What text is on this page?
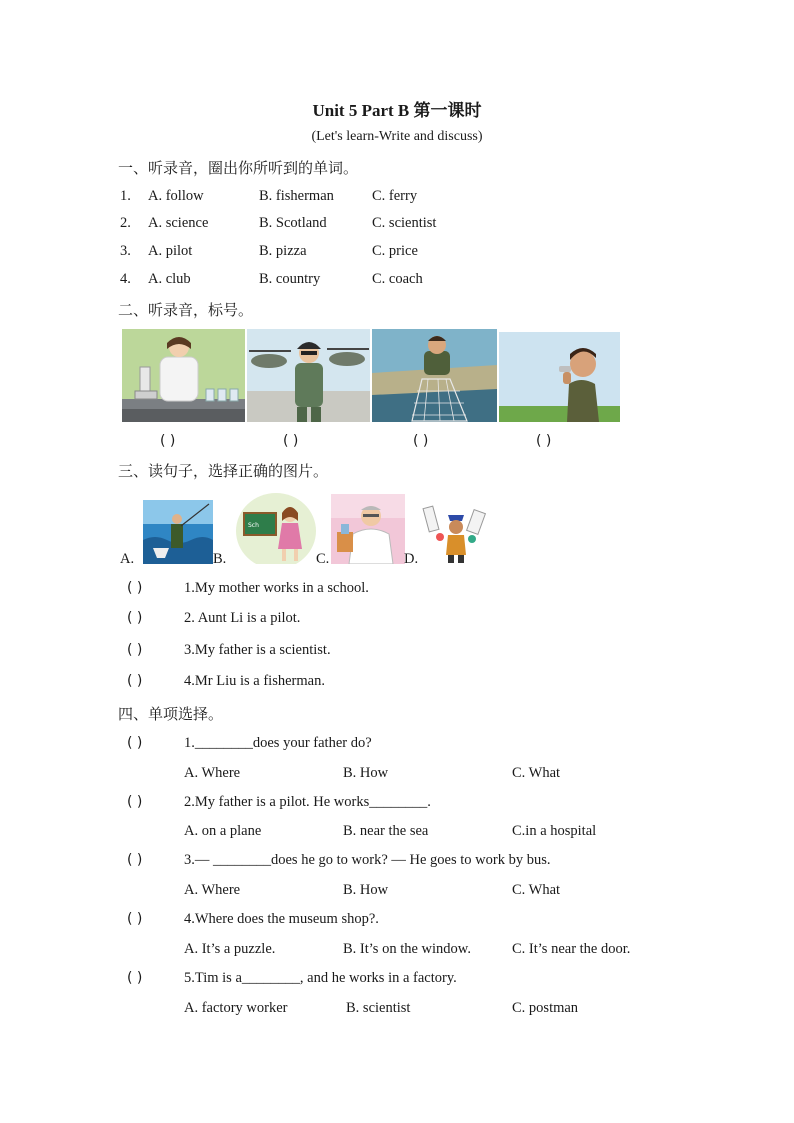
Unit 5 Part B 第一课时
(Let's learn-Write and discuss)
一、听录音，圈出你所听到的单词。
1. A. follow	B. fisherman	C. ferry
2. A. science	B. Scotland	C. scientist
3. A. pilot	B. pizza	C. price
4. A. club	B. country	C. coach
二、听录音，标号。
( )	( )	( )	( )
三、读句子，选择正确的图片。
Sch
A.	B.	C.	D.
( )	1.My mother works in a school.
( )	2. Aunt Li is a pilot.
( )	3.My father is a scientist.
( )	4.Mr Liu is a fisherman.
四、单项选择。
( )	1.________does your father do?
A. Where	B. How	C. What
( )	2.My father is a pilot. He works________.
A. on a plane	B. near the sea	C.in a hospital
( )	3.— ________does he go to work? — He goes to work by bus.
A. Where	B. How	C. What
( )	4.Where does the museum shop?.
A. It’s a puzzle.	B. It’s on the window.	C. It’s near the door.
( )	5.Tim is a________, and he works in a factory.
A. factory worker	B. scientist	C. postman
